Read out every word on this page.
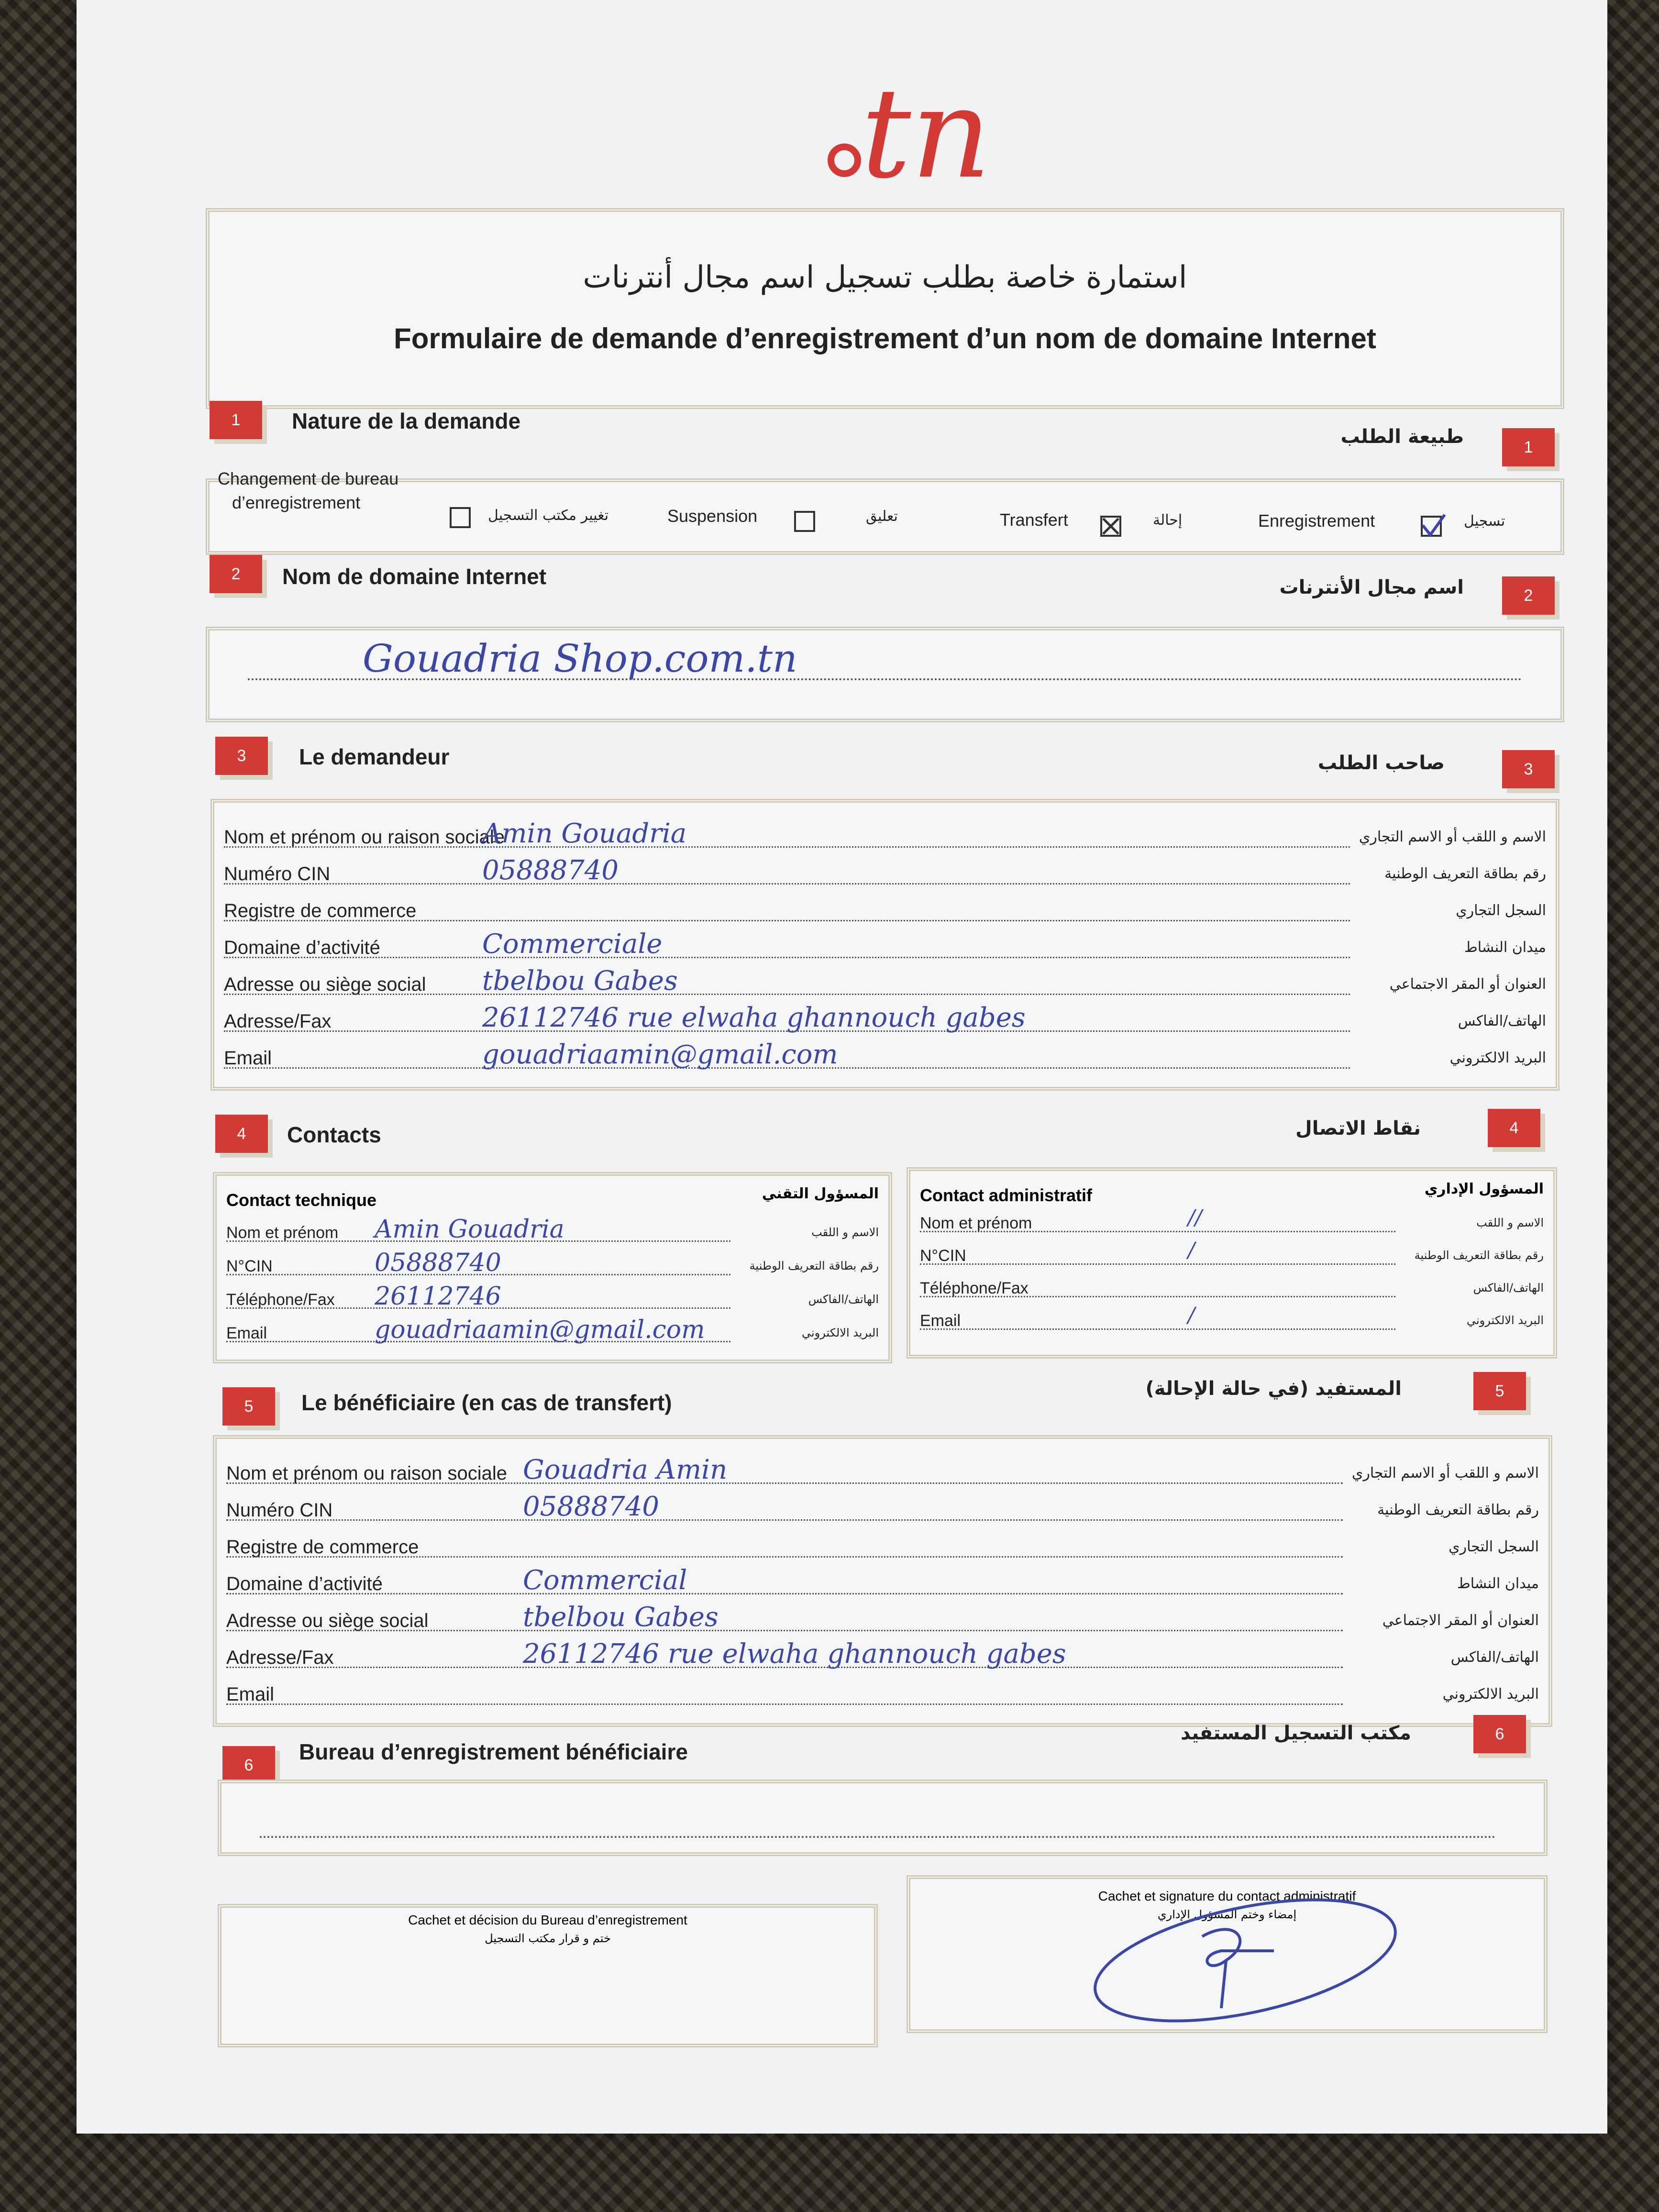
tn
استمارة خاصة بطلب تسجيل اسم مجال أنترنات
Formulaire de demande d’enregistrement d’un nom de domaine Internet
1	Nature de la demande
طبيعة الطلب	1
Changement de bureau
d’enregistrement
تغيير مكتب التسجيل	Suspension	تعليق	Transfert	إحالة	Enregistrement	تسجيل
2	Nom de domaine Internet	اسم مجال الأنترنات	2
Gouadria Shop.com.tn
3	Le demandeur	صاحب الطلب	3
Nom et prénom ou raison sociale	الاسم و اللقب أو الاسم التجاري
Amin Gouadria
Numéro CIN	رقم بطاقة التعريف الوطنية
05888740
Registre de commerce	السجل التجاري
Domaine d’activité	ميدان النشاط
Commerciale
Adresse ou siège social	العنوان أو المقر الاجتماعي
tbelbou Gabes
Adresse/Fax	الهاتف/الفاكس
26112746 rue elwaha ghannouch gabes
Email	البريد الالكتروني
gouadriaamin@gmail.com
4	Contacts	نقاط الاتصال	4
Contact technique	المسؤول التقني
Nom et prénom	الاسم و اللقب
Amin Gouadria
N°CIN	رقم بطاقة التعريف الوطنية
05888740
Téléphone/Fax	الهاتف/الفاكس
26112746
Email	البريد الالكتروني
gouadriaamin@gmail.com
Contact administratif	المسؤول الإداري
Nom et prénom	الاسم و اللقب
//
N°CIN	رقم بطاقة التعريف الوطنية
/
Téléphone/Fax	الهاتف/الفاكس
Email	البريد الالكتروني
/
5	Le bénéficiaire (en cas de transfert)
المستفيد (في حالة الإحالة)	5
Nom et prénom ou raison sociale	الاسم و اللقب أو الاسم التجاري
Gouadria Amin
Numéro CIN	رقم بطاقة التعريف الوطنية
05888740
Registre de commerce	السجل التجاري
Domaine d’activité	ميدان النشاط
Commercial
Adresse ou siège social	العنوان أو المقر الاجتماعي
tbelbou Gabes
Adresse/Fax	الهاتف/الفاكس
26112746 rue elwaha ghannouch gabes
Email	البريد الالكتروني
6
Bureau d’enregistrement bénéficiaire
مكتب التسجيل المستفيد	6
Cachet et décision du Bureau d’enregistrement
ختم و قرار مكتب التسجيل
Cachet et signature du contact administratif
إمضاء وختم المسؤول الإداري
